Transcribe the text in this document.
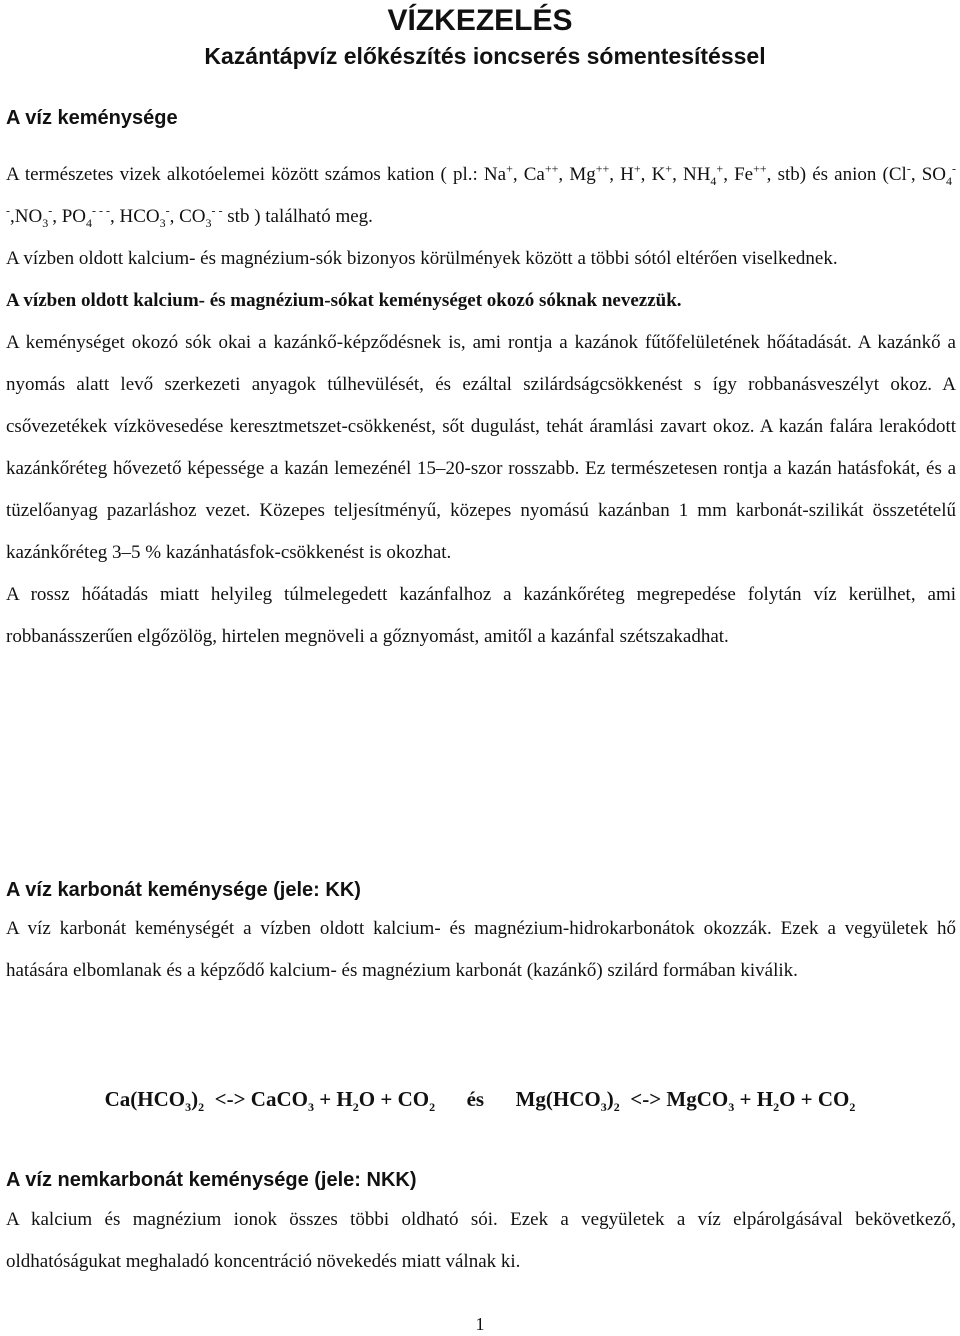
VÍZKEZELÉS
Kazántápvíz előkészítés ioncserés sómentesítéssel
A víz keménysége

A természetes vizek alkotóelemei között számos kation ( pl.: Na+, Ca++, Mg++, H+, K+, $NH_4^+$, Fe++, stb) és anion (Cl-, $SO_4^{- -},NO_3^-$, $PO_4^{- - -}$, $HCO_3^-$, $CO_3^{- -}$ stb ) található meg.

A vízben oldott kalcium- és magnézium-sók bizonyos körülmények között a többi sótól eltérően viselkednek.

A vízben oldott kalcium- és magnézium-sókat keménységet okozó sóknak nevezzük.

A keménységet okozó sók okai a kazánkő-képződésnek is, ami rontja a kazánok fűtőfelületének hőátadását. A kazánkő a nyomás alatt levő szerkezeti anyagok túlhevülését, és ezáltal szilárdságcsökkenést s így robbanásveszélyt okoz. A csővezetékek vízkövesedése keresztmetszet-csökkenést, sőt dugulást, tehát áramlási zavart okoz. A kazán falára lerakódott kazánkőréteg hővezető képessége a kazán lemezénél 15–20-szor rosszabb. Ez természetesen rontja a kazán hatásfokát, és a tüzelőanyag pazarláshoz vezet. Közepes teljesítményű, közepes nyomású kazánban 1 mm karbonát-szilikát összetételű kazánkőréteg 3–5 % kazánhatásfok-csökkenést is okozhat.

A rossz hőátadás miatt helyileg túlmelegedett kazánfalhoz a kazánkőréteg megrepedése folytán víz kerülhet, ami robbanásszerűen elgőzölög, hirtelen megnöveli a gőznyomást, amitől a kazánfal szétszakadhat.

A víz karbonát keménysége (jele: KK)
A víz karbonát keménységét a vízben oldott kalcium- és magnézium-hidrokarbonátok okozzák. Ezek a vegyületek hő hatására elbomlanak és a képződő kalcium- és magnézium karbonát (kazánkő) szilárd formában kiválik.
$Ca(HCO_3)_2$  <-> CaCO$_3$ + $H_2O + CO_2$ és $Mg(HCO_3)_2$  <-> MgCO$_3$ + $H_2O + CO_2$
A víz nemkarbonát keménysége (jele: NKK)
A kalcium és magnézium ionok összes többi oldható sói. Ezek a vegyületek a víz elpárolgásával bekövetkező, oldhatóságukat meghaladó koncentráció növekedés miatt válnak ki.
1
